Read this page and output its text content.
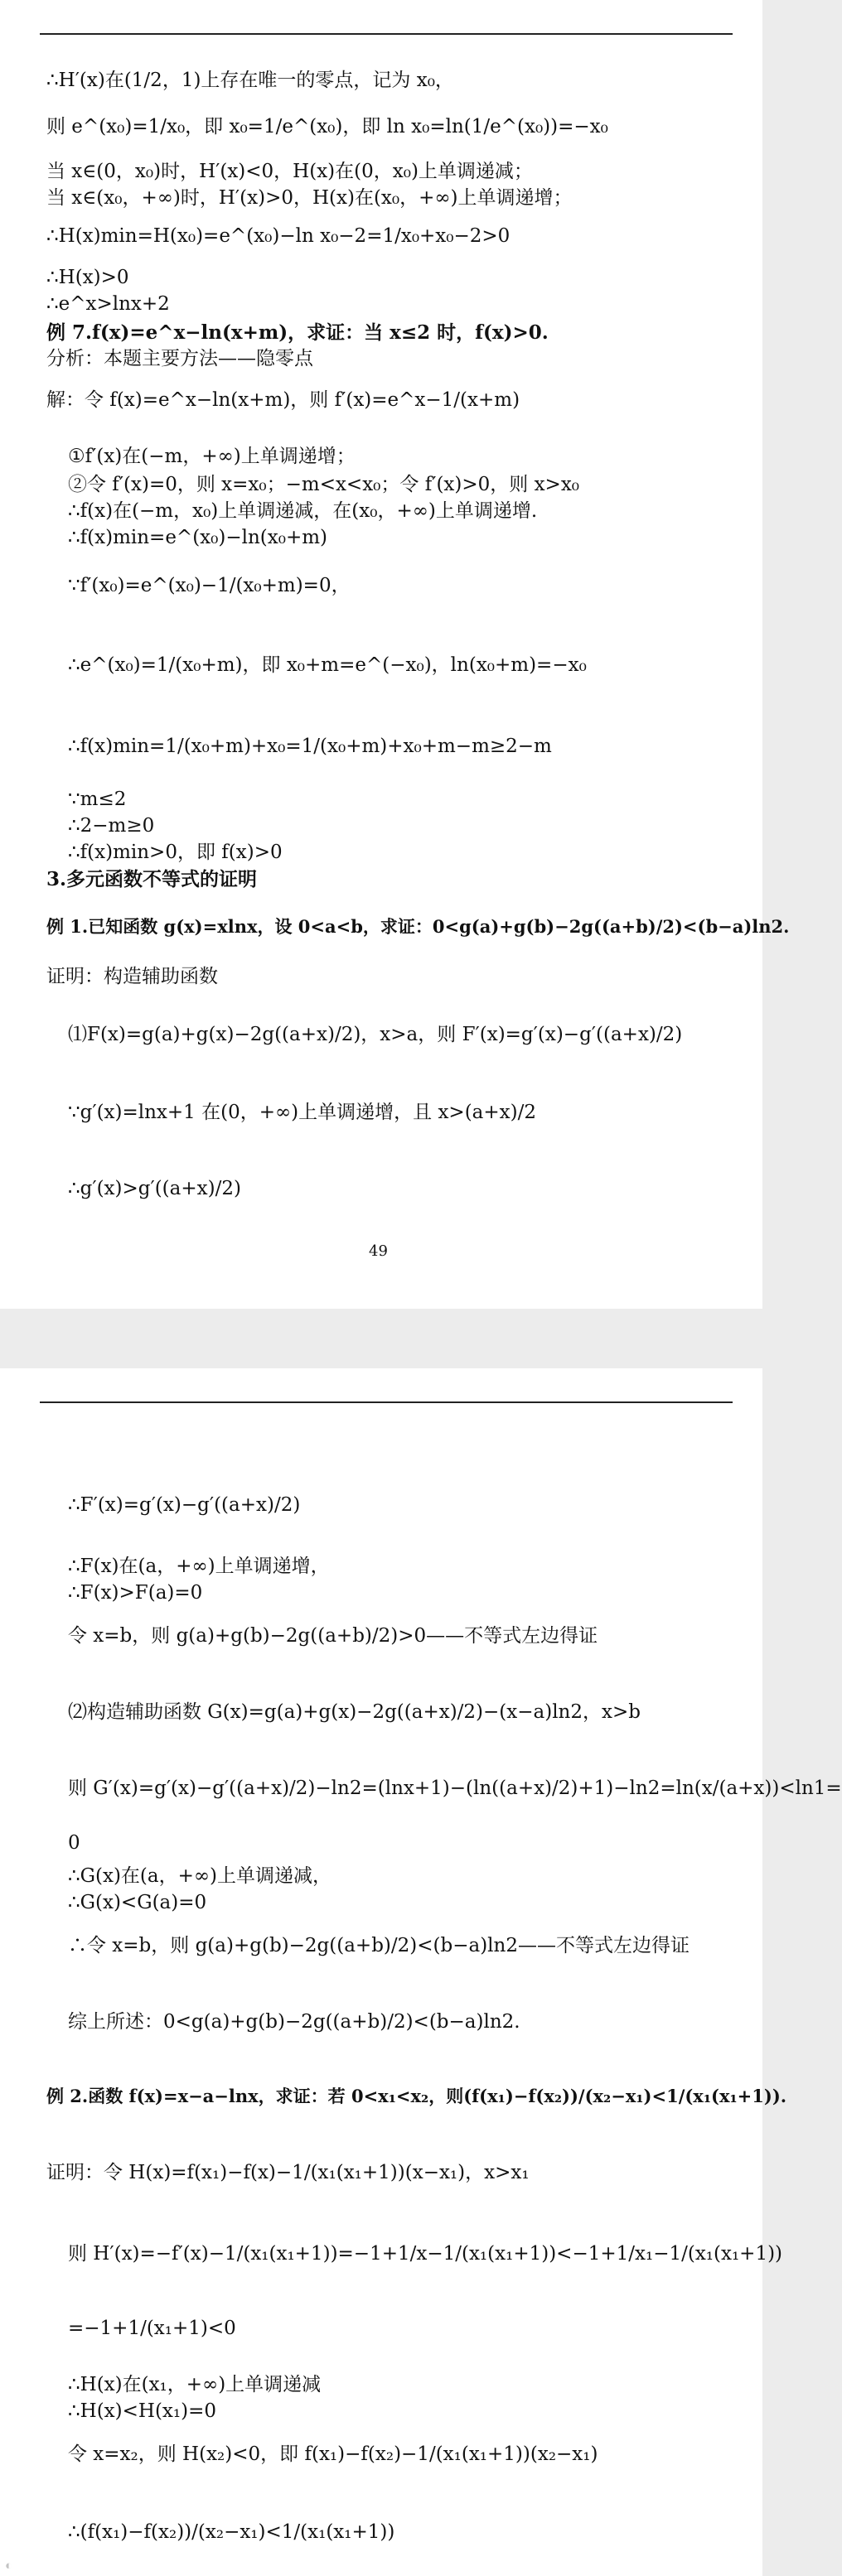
∴H′(x)在(1/2，1)上存在唯一的零点，记为 x₀，
则 e^(x₀)=1/x₀，即 x₀=1/e^(x₀)，即 ln x₀=ln(1/e^(x₀))=−x₀
当 x∈(0，x₀)时，H′(x)<0，H(x)在(0，x₀)上单调递减；
当 x∈(x₀，+∞)时，H′(x)>0，H(x)在(x₀，+∞)上单调递增；
∴H(x)min=H(x₀)=e^(x₀)−ln x₀−2=1/x₀+x₀−2>0
∴H(x)>0
∴e^x>lnx+2
例 7.f(x)=e^x−ln(x+m)，求证：当 x≤2 时，f(x)>0.
分析：本题主要方法——隐零点
解：令 f(x)=e^x−ln(x+m)，则 f′(x)=e^x−1/(x+m)
①f′(x)在(−m，+∞)上单调递增；
②令 f′(x)=0，则 x=x₀；−m<x<x₀；令 f′(x)>0，则 x>x₀
∴f(x)在(−m，x₀)上单调递减，在(x₀，+∞)上单调递增.
∴f(x)min=e^(x₀)−ln(x₀+m)
∵f′(x₀)=e^(x₀)−1/(x₀+m)=0，
∴e^(x₀)=1/(x₀+m)，即 x₀+m=e^(−x₀)，ln(x₀+m)=−x₀
∴f(x)min=1/(x₀+m)+x₀=1/(x₀+m)+x₀+m−m≥2−m
∵m≤2
∴2−m≥0
∴f(x)min>0，即 f(x)>0
3.多元函数不等式的证明
例 1.已知函数 g(x)=xlnx，设 0<a<b，求证：0<g(a)+g(b)−2g((a+b)/2)<(b−a)ln2.
证明：构造辅助函数
⑴F(x)=g(a)+g(x)−2g((a+x)/2)，x>a，则 F′(x)=g′(x)−g′((a+x)/2)
∵g′(x)=lnx+1 在(0，+∞)上单调递增，且 x>(a+x)/2
∴g′(x)>g′((a+x)/2)
49
∴F′(x)=g′(x)−g′((a+x)/2)
∴F(x)在(a，+∞)上单调递增，
∴F(x)>F(a)=0
令 x=b，则 g(a)+g(b)−2g((a+b)/2)>0——不等式左边得证
⑵构造辅助函数 G(x)=g(a)+g(x)−2g((a+x)/2)−(x−a)ln2，x>b
则 G′(x)=g′(x)−g′((a+x)/2)−ln2=(lnx+1)−(ln((a+x)/2)+1)−ln2=ln(x/(a+x))<ln1=
0
∴G(x)在(a，+∞)上单调递减，
∴G(x)<G(a)=0
∴令 x=b，则 g(a)+g(b)−2g((a+b)/2)<(b−a)ln2——不等式左边得证
综上所述：0<g(a)+g(b)−2g((a+b)/2)<(b−a)ln2.
例 2.函数 f(x)=x−a−lnx，求证：若 0<x₁<x₂，则(f(x₁)−f(x₂))/(x₂−x₁)<1/(x₁(x₁+1)).
证明：令 H(x)=f(x₁)−f(x)−1/(x₁(x₁+1))(x−x₁)，x>x₁
则 H′(x)=−f′(x)−1/(x₁(x₁+1))=−1+1/x−1/(x₁(x₁+1))<−1+1/x₁−1/(x₁(x₁+1))
=−1+1/(x₁+1)<0
∴H(x)在(x₁，+∞)上单调递减
∴H(x)<H(x₁)=0
令 x=x₂，则 H(x₂)<0，即 f(x₁)−f(x₂)−1/(x₁(x₁+1))(x₂−x₁)
∴(f(x₁)−f(x₂))/(x₂−x₁)<1/(x₁(x₁+1))
◐
